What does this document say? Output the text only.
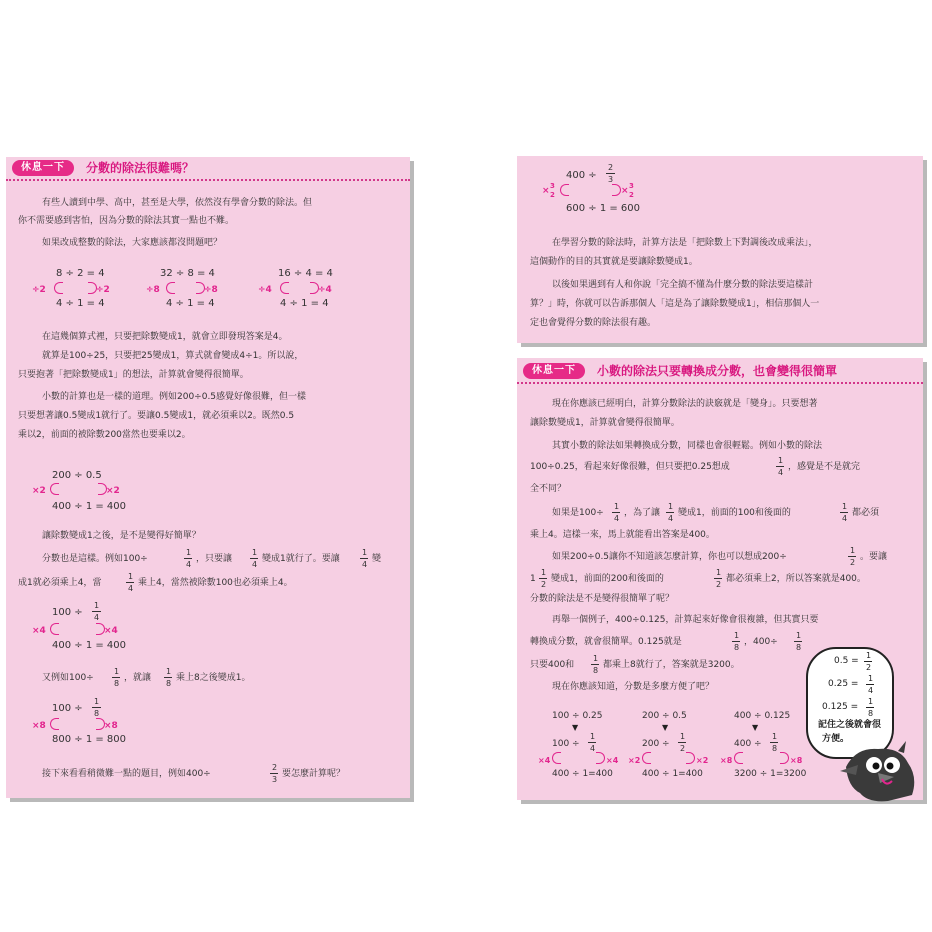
休息一下	分數的除法很難嗎？
有些人讀到中學、高中，甚至是大學，依然沒有學會分數的除法。但
你不需要感到害怕，因為分數的除法其實一點也不難。
如果改成整數的除法，大家應該都沒問題吧？
8 ÷ 2 = 4
÷2	÷2
4 ÷ 1 = 4
32 ÷ 8 = 4
÷8	÷8
4 ÷ 1 = 4
16 ÷ 4 = 4
÷4	÷4
4 ÷ 1 = 4
在這幾個算式裡，只要把除數變成1，就會立即發現答案是4。
就算是100÷25，只要把25變成1，算式就會變成4÷1。所以說，
只要抱著「把除數變成1」的想法，計算就會變得很簡單。
小數的計算也是一樣的道理。例如200÷0.5感覺好像很難，但一樣
只要想著讓0.5變成1就行了。要讓0.5變成1，就必須乘以2。既然0.5
乘以2，前面的被除數200當然也要乘以2。
200 ÷ 0.5
×2	×2
400 ÷ 1 = 400
讓除數變成1之後，是不是變得好簡單？
分數也是這樣。例如100÷
1
4
，只要讓
1
4
變成1就行了。要讓
1
4
變
成1就必須乘上4，當
1
4
乘上4，當然被除數100也必須乘上4。
100 ÷
1
4
×4	×4
400 ÷ 1 = 400
又例如100÷
1
8
，就讓
1
8
乘上8之後變成1。
100 ÷
1
8
×8	×8
800 ÷ 1 = 800
接下來看看稍微難一點的題目，例如400÷
2
3
要怎麼計算呢？
400 ÷
2
3
× 3
2	× 3
2
600 ÷ 1 = 600
在學習分數的除法時，計算方法是「把除數上下對調後改成乘法」，
這個動作的目的其實就是要讓除數變成1。
以後如果遇到有人和你說「完全搞不懂為什麼分數的除法要這樣計
算？」時，你就可以告訴那個人「這是為了讓除數變成1」，相信那個人一
定也會覺得分數的除法很有趣。
休息一下	小數的除法只要轉換成分數，也會變得很簡單
現在你應該已經明白，計算分數除法的訣竅就是「變身」。只要想著
讓除數變成1，計算就會變得很簡單。
其實小數的除法如果轉換成分數，同樣也會很輕鬆。例如小數的除法
100÷0.25，看起來好像很難，但只要把0.25想成
1
4
，感覺是不是就完
全不同？
如果是100÷
1
4
，為了讓
1
4
變成1，前面的100和後面的
1
4
都必須
乘上4。這樣一來，馬上就能看出答案是400。
如果200÷0.5讓你不知道該怎麼計算，你也可以想成200÷
1
2
。要讓
1
1
2
變成1，前面的200和後面的
1
2
都必須乘上2，所以答案就是400。
分數的除法是不是變得很簡單了呢？
再舉一個例子，400÷0.125，計算起來好像會很複雜，但其實只要
轉換成分數，就會很簡單。0.125就是
1
8
，400÷
1
8
只要400和
1
8
都乘上8就行了，答案就是3200。
現在你應該知道，分數是多麼方便了吧？
100 ÷ 0.25
▼
100 ÷
1
4
×4	×4
400 ÷ 1=400
200 ÷ 0.5
▼
200 ÷
1
2
×2	×2
400 ÷ 1=400
400 ÷ 0.125
▼
400 ÷
1
8
×8	×8
3200 ÷ 1=3200
0.5 =
1
2
0.25 =
1
4
0.125 =
1
8
記住之後就會很
方便。
